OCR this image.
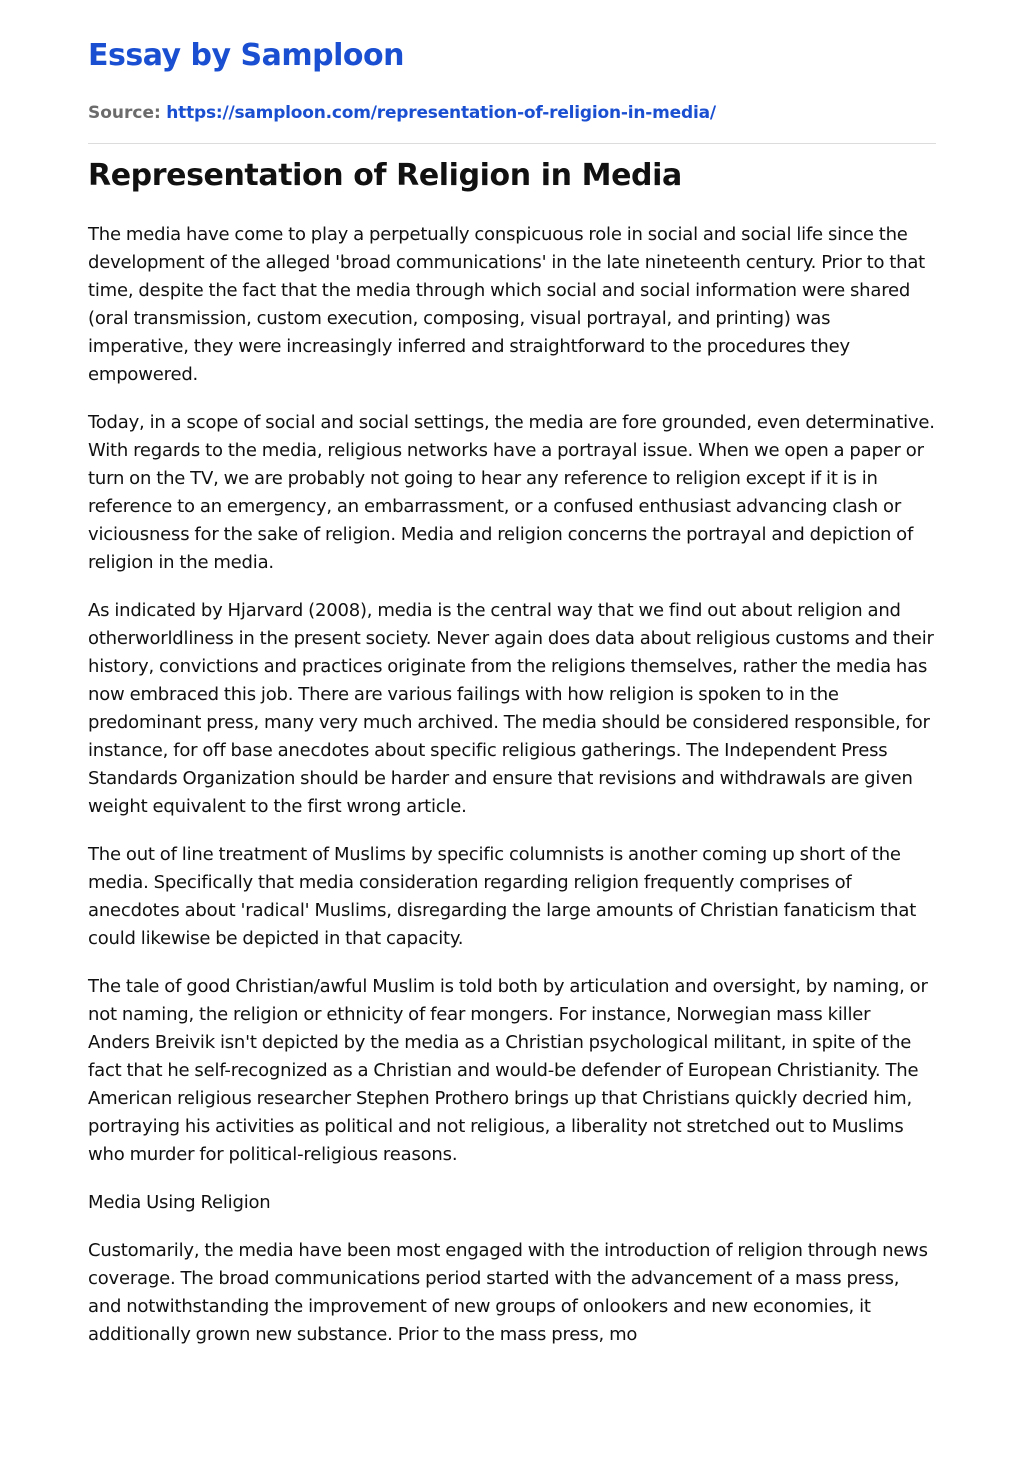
Essay by Samploon
Source: https://samploon.com/representation-of-religion-in-media/
Representation of Religion in Media

The media have come to play a perpetually conspicuous role in social and social life since the development of the alleged 'broad communications' in the late nineteenth century. Prior to that time, despite the fact that the media through which social and social information were shared (oral transmission, custom execution, composing, visual portrayal, and printing) was imperative, they were increasingly inferred and straightforward to the procedures they empowered.

Today, in a scope of social and social settings, the media are fore grounded, even determinative. With regards to the media, religious networks have a portrayal issue. When we open a paper or turn on the TV, we are probably not going to hear any reference to religion except if it is in reference to an emergency, an embarrassment, or a confused enthusiast advancing clash or viciousness for the sake of religion. Media and religion concerns the portrayal and depiction of religion in the media.

As indicated by Hjarvard (2008), media is the central way that we find out about religion and otherworldliness in the present society. Never again does data about religious customs and their history, convictions and practices originate from the religions themselves, rather the media has now embraced this job. There are various failings with how religion is spoken to in the predominant press, many very much archived. The media should be considered responsible, for instance, for off base anecdotes about specific religious gatherings. The Independent Press Standards Organization should be harder and ensure that revisions and withdrawals are given weight equivalent to the first wrong article.

The out of line treatment of Muslims by specific columnists is another coming up short of the media. Specifically that media consideration regarding religion frequently comprises of anecdotes about 'radical' Muslims, disregarding the large amounts of Christian fanaticism that could likewise be depicted in that capacity.

The tale of good Christian/awful Muslim is told both by articulation and oversight, by naming, or not naming, the religion or ethnicity of fear mongers. For instance, Norwegian mass killer Anders Breivik isn't depicted by the media as a Christian psychological militant, in spite of the fact that he self-recognized as a Christian and would-be defender of European Christianity. The American religious researcher Stephen Prothero brings up that Christians quickly decried him, portraying his activities as political and not religious, a liberality not stretched out to Muslims who murder for political-religious reasons.

Media Using Religion

Customarily, the media have been most engaged with the introduction of religion through news coverage. The broad communications period started with the advancement of a mass press, and notwithstanding the improvement of new groups of onlookers and new economies, it additionally grown new substance. Prior to the mass press, mo
